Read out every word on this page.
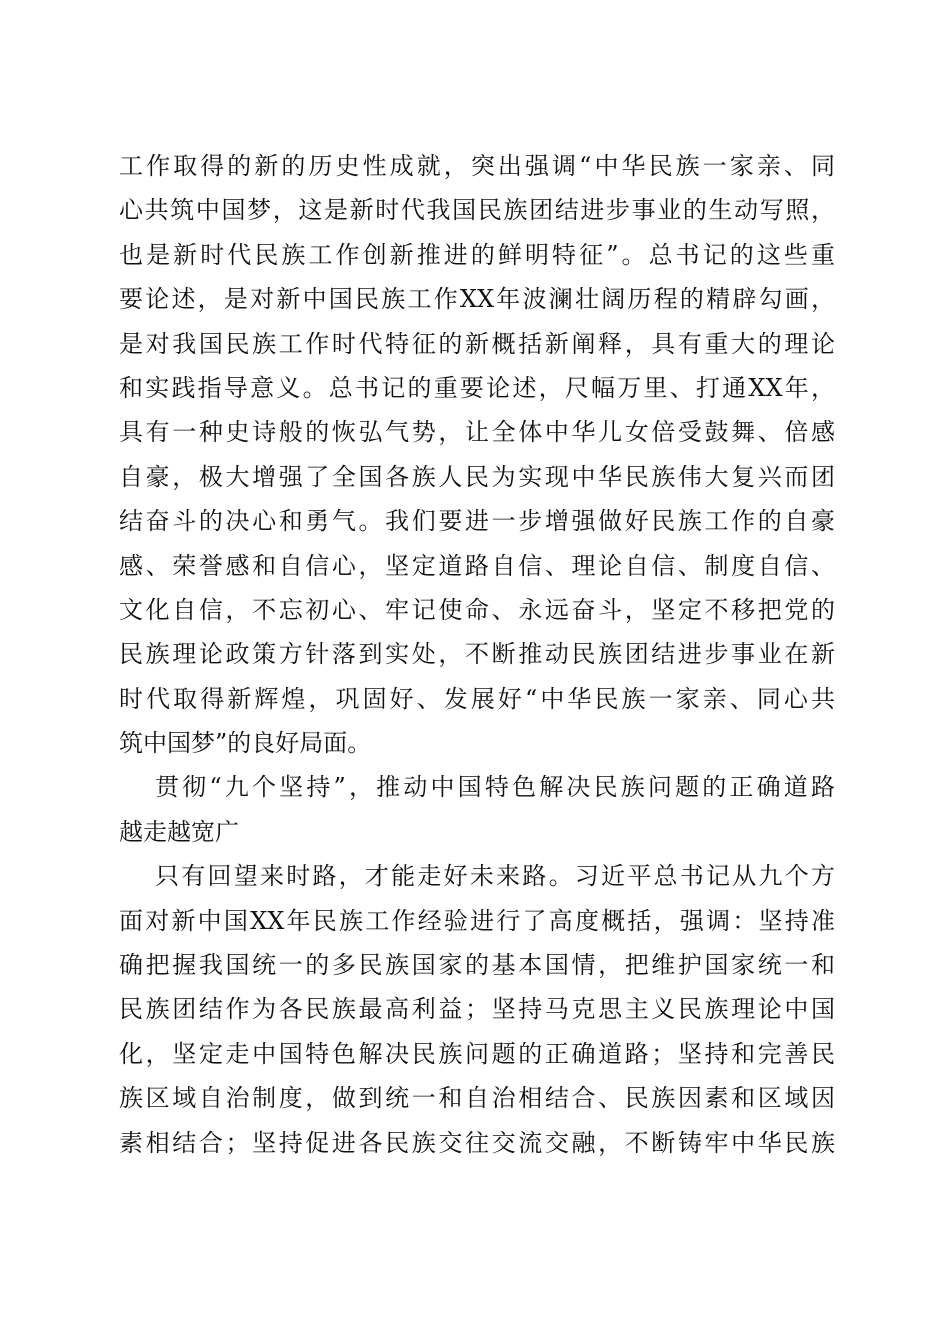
工作取得的新的历史性成就，突出强调“中华民族一家亲、同
心共筑中国梦，这是新时代我国民族团结进步事业的生动写照，
也是新时代民族工作创新推进的鲜明特征”。总书记的这些重
要论述，是对新中国民族工作XX年波澜壮阔历程的精辟勾画，
是对我国民族工作时代特征的新概括新阐释，具有重大的理论
和实践指导意义。总书记的重要论述，尺幅万里、打通XX年，
具有一种史诗般的恢弘气势，让全体中华儿女倍受鼓舞、倍感
自豪，极大增强了全国各族人民为实现中华民族伟大复兴而团
结奋斗的决心和勇气。我们要进一步增强做好民族工作的自豪
感、荣誉感和自信心，坚定道路自信、理论自信、制度自信、
文化自信，不忘初心、牢记使命、永远奋斗，坚定不移把党的
民族理论政策方针落到实处，不断推动民族团结进步事业在新
时代取得新辉煌，巩固好、发展好“中华民族一家亲、同心共
筑中国梦”的良好局面。
贯彻“九个坚持”，推动中国特色解决民族问题的正确道路
越走越宽广
只有回望来时路，才能走好未来路。习近平总书记从九个方
面对新中国XX年民族工作经验进行了高度概括，强调：坚持准
确把握我国统一的多民族国家的基本国情，把维护国家统一和
民族团结作为各民族最高利益；坚持马克思主义民族理论中国
化，坚定走中国特色解决民族问题的正确道路；坚持和完善民
族区域自治制度，做到统一和自治相结合、民族因素和区域因
素相结合；坚持促进各民族交往交流交融，不断铸牢中华民族
